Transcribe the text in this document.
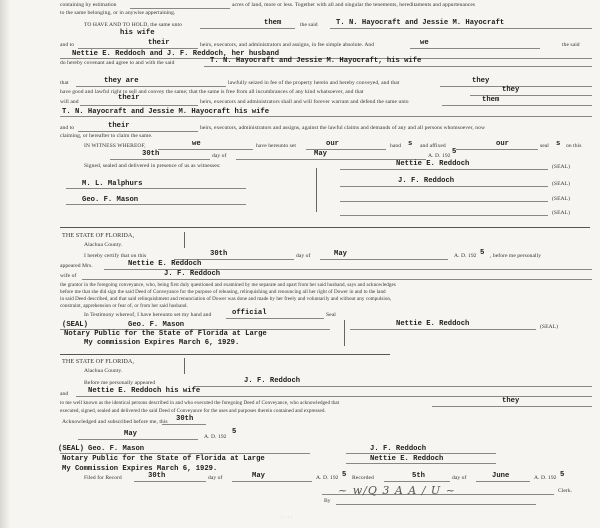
containing by estimation	acres of land, more or less. Together with all and singular the tenements, hereditaments and appurtenances
to the same belonging, or in anywise appertaining.
TO HAVE AND TO HOLD, the same unto	them	the said	T. N. Hayocraft and Jessie M. Hayocraft
his wife
and to	their	heirs, executors, and administrators and assigns, in fee simple absolute. And	we	the said
Nettie E. Reddoch and J. F. Reddoch, her husband
do hereby covenant and agree to and with the said	T. N. Hayocraft and Jessie M. Hayocraft, his wife
that	they are	lawfully seized in fee of the property herein and hereby conveyed, and that	they
have good and lawful right to sell and convey the same; that the same is free from all incumbrances of any kind whatsoever, and that	they
will and	their	heirs, executors and administrators shall and will forever warrant and defend the same unto	them
T. N. Hayocraft and Jessie M. Hayocraft his wife
and to	their	heirs, executors, administrators and assigns, against the lawful claims and demands of any and all persons whomsoever, now
claiming, or hereafter to claim the same.
IN WITNESS WHEREOF,	we	have hereunto set	our	hand s and affixed	our	seal s on this
30th	day of	May	A. D. 192 5
Signed, sealed and delivered in presence of us as witnesses:	Nettie E. Reddoch	(SEAL)
M. L. Malphurs	J. F. Reddoch	(SEAL)
Geo. F. Mason	(SEAL)
(SEAL)
THE STATE OF FLORIDA,
Alachua County.
I hereby certify that on this	30th	day of	May	A. D. 192 5 , before me personally
appeared Mrs.	Nettie E. Reddoch
wife of	J. F. Reddoch
the grantor in the foregoing conveyance, who, being first duly questioned and examined by me separate and apart from her said husband, says and acknowledges
before me that she did sign the said Deed of Conveyance for the purpose of releasing, relinquishing and renouncing all her right of Dower in and to the land
in said Deed described, and that said relinquishment and renunciation of Dower was done and made by her freely and voluntarily and without any compulsion,
constraint, apprehension or fear of, or from her said husband.
In Testimony whereof, I have hereunto set my hand and	official	Seal
(SEAL)	Geo. F. Mason
Notary Public for the State of Florida at Large
My commission Expires March 6, 1929.
Nettie E. Reddoch	(SEAL)
THE STATE OF FLORIDA,
Alachua County.
Before me personally appeared	J. F. Reddoch
and	Nettie E. Reddoch his wife
to me well known as the identical persons described in and who executed the foregoing Deed of Conveyance, who acknowledged that	they
executed, signed, sealed and delivered the said Deed of Conveyance for the uses and purposes therein contained and expressed.
Acknowledged and subscribed before me, this 30th
May	A. D. 192
5
(SEAL) Geo. F. Mason	J. F. Reddoch
Notary Public for the State of Florida at Large	Nettie E. Reddoch
My Commission Expires March 6, 1929.
Filed for Record	30th	day of	May	A. D. 192 5 Recorded	5th	day of	June	A. D. 192 5
Clerk.
By
~ w/Q 3 A A / U ~
· · · ·
